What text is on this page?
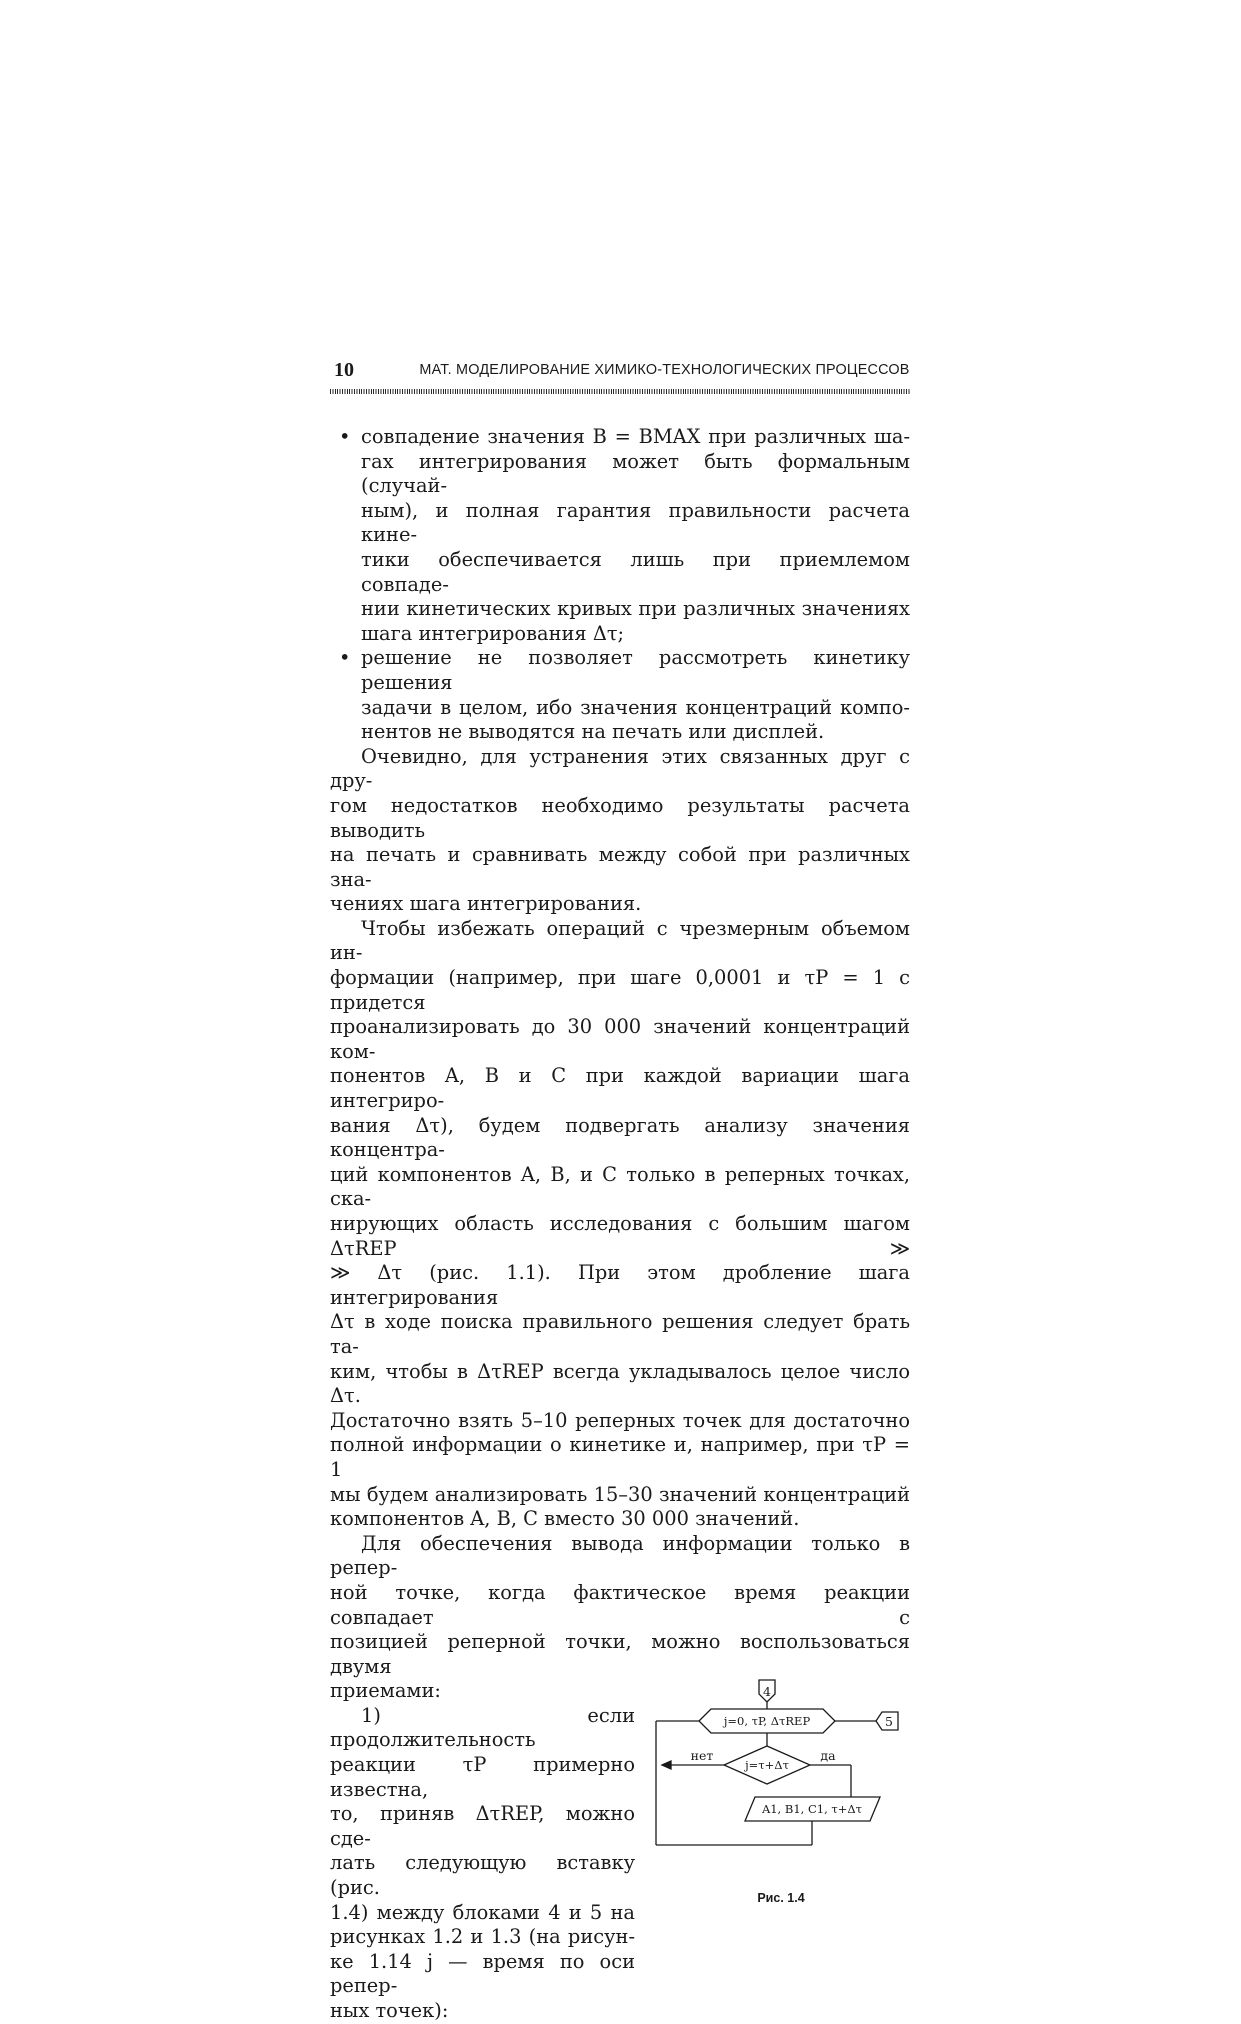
10	МАТ. МОДЕЛИРОВАНИЕ ХИМИКО-ТЕХНОЛОГИЧЕСКИХ ПРОЦЕССОВ
• совпадение значения B = BMAX при различных ша-
гах интегрирования может быть формальным (случай-
ным), и полная гарантия правильности расчета кине-
тики обеспечивается лишь при приемлемом совпаде-
нии кинетических кривых при различных значениях
шага интегрирования Δτ;
• решение не позволяет рассмотреть кинетику решения
задачи в целом, ибо значения концентраций компо-
нентов не выводятся на печать или дисплей.
Очевидно, для устранения этих связанных друг с дру-
гом недостатков необходимо результаты расчета выводить
на печать и сравнивать между собой при различных зна-
чениях шага интегрирования.
Чтобы избежать операций с чрезмерным объемом ин-
формации (например, при шаге 0,0001 и τP = 1 с придется
проанализировать до 30 000 значений концентраций ком-
понентов A, B и C при каждой вариации шага интегриро-
вания Δτ), будем подвергать анализу значения концентра-
ций компонентов A, B, и C только в реперных точках, ска-
нирующих область исследования с большим шагом ΔτREP ≫
≫ Δτ (рис. 1.1). При этом дробление шага интегрирования
Δτ в ходе поиска правильного решения следует брать та-
ким, чтобы в ΔτREP всегда укладывалось целое число Δτ.
Достаточно взять 5–10 реперных точек для достаточно
полной информации о кинетике и, например, при τP = 1
мы будем анализировать 15–30 значений концентраций
компонентов A, B, C вместо 30 000 значений.
Для обеспечения вывода информации только в репер-
ной точке, когда фактическое время реакции совпадает с
позицией реперной точки, можно воспользоваться двумя
приемами:
1) если продолжительность
реакции τP примерно известна,
то, приняв ΔτREP, можно сде-
лать следующую вставку (рис.
1.4) между блоками 4 и 5 на
рисунках 1.2 и 1.3 (на рисун-
ке 1.14 j — время по оси репер-
ных точек):
4
5
j=0, τP, ΔτREP
j=τ+Δτ
нет	да
A1, B1, C1, τ+Δτ
Рис. 1.4
